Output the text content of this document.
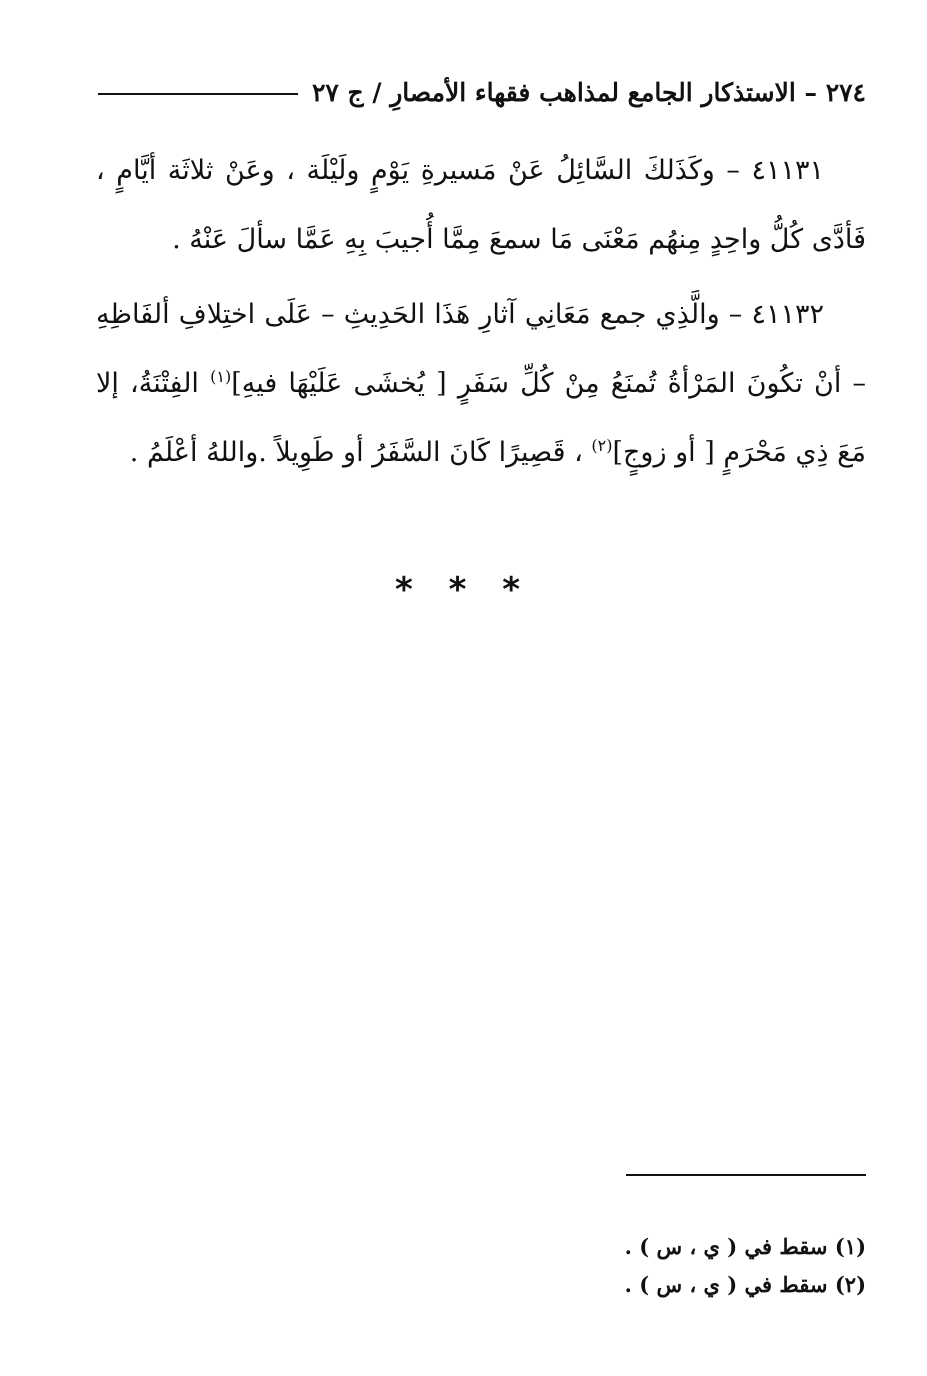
٢٧٤ – الاستذكار الجامع لمذاهب فقهاء الأمصارِ / ج ٢٧

٤١١٣١ – وكَذَلكَ السَّائِلُ عَنْ مَسيرةِ يَوْمٍ ولَيْلَة ، وعَنْ ثلاثَة أيَّامٍ ، فَأدَّى كُلُّ واحِدٍ مِنهُم مَعْنَى مَا سمعَ مِمَّا أُجيبَ بِهِ عَمَّا سألَ عَنْهُ .

٤١١٣٢ – والَّذِي جمع مَعَانِي آثارِ هَذَا الحَدِيثِ – عَلَى اختِلافِ ألفَاظِهِ – أنْ تكُونَ المَرْأةُ تُمنَعُ مِنْ كُلِّ سَفَرٍ [ يُخشَى عَلَيْهَا فيهِ]$^{(١)}$ الفِتْنَةُ، إلا مَعَ ذِي مَحْرَمٍ [ أو زوجٍ]$^{(٢)}$ ، قَصِيرًا كَانَ السَّفَرُ أو طَوِيلاً .واللهُ أعْلَمُ .

* * *

(١) سقط في ( ي ، س ) .

(٢) سقط في ( ي ، س ) .
